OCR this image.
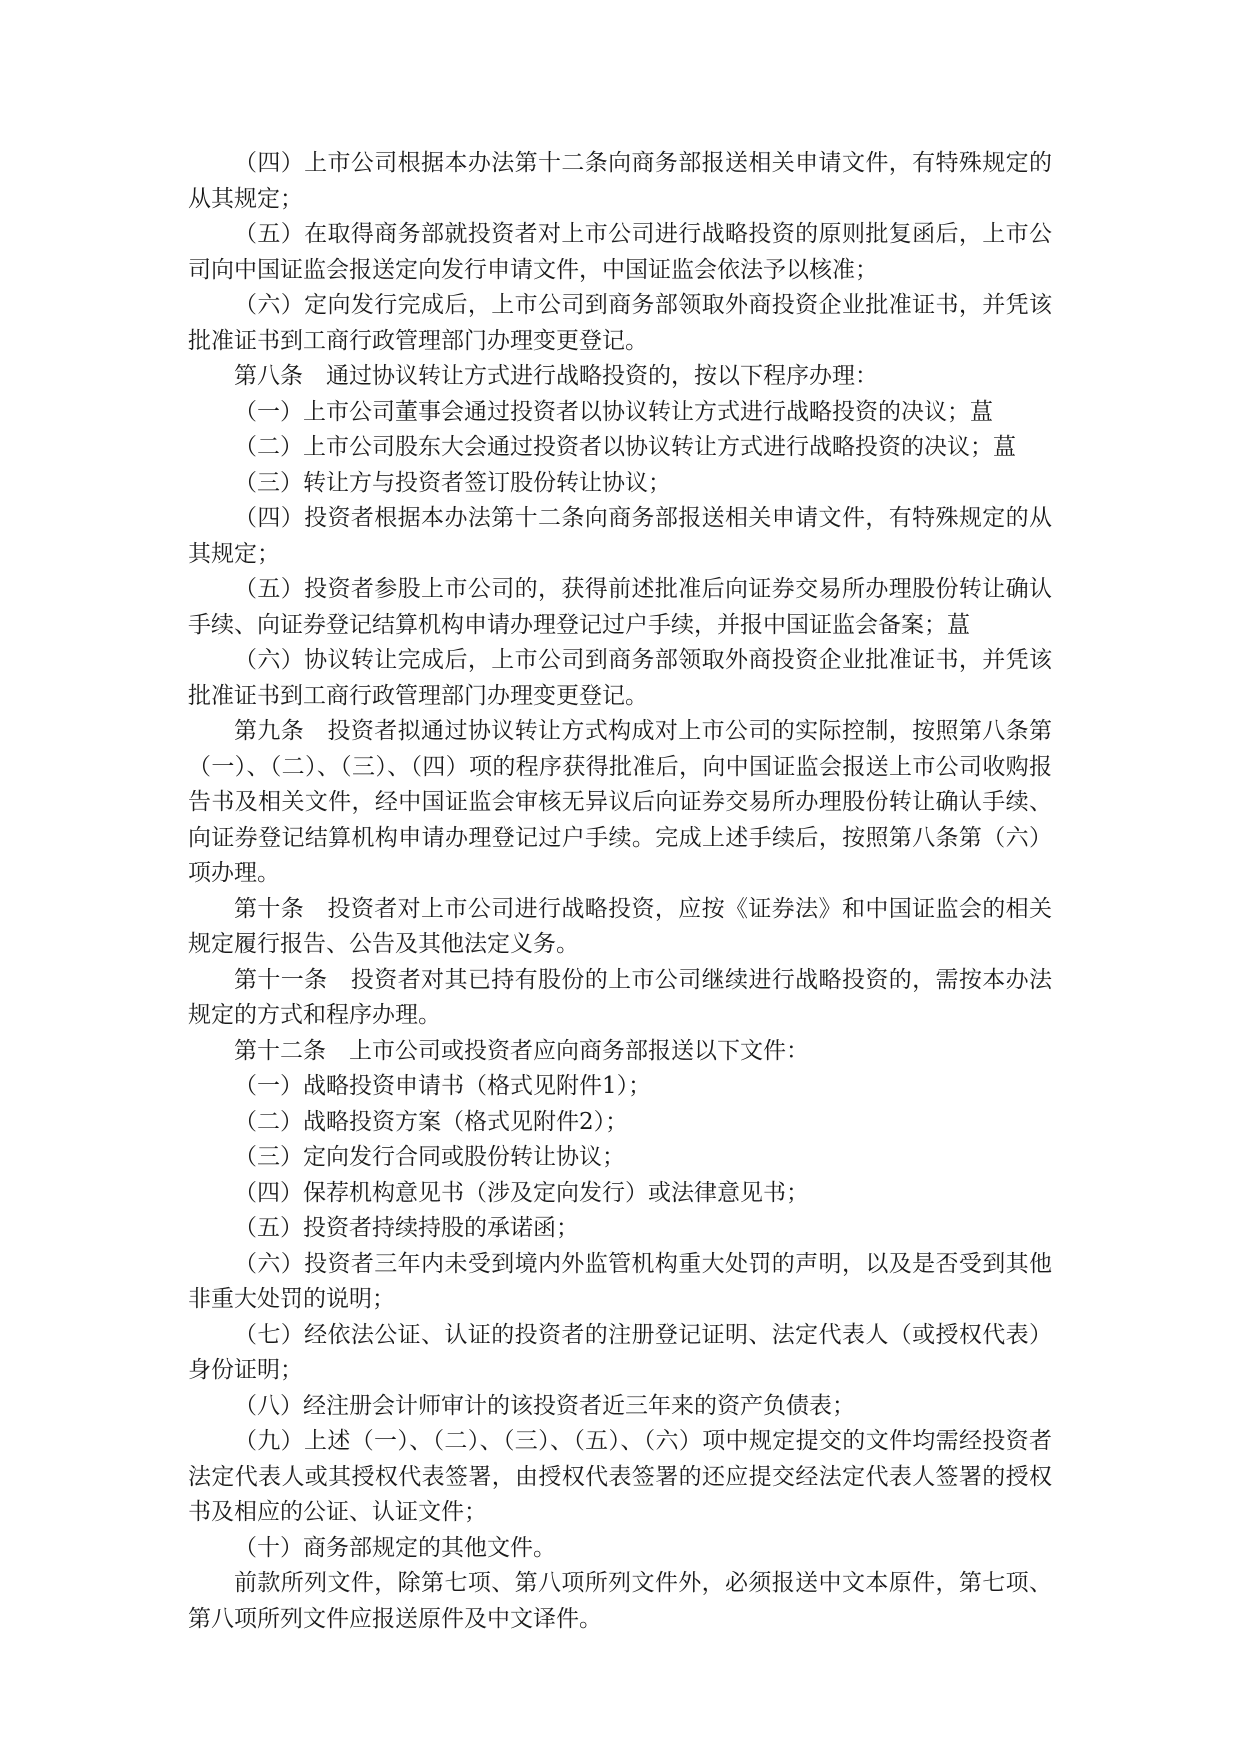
（四）上市公司根据本办法第十二条向商务部报送相关申请文件，有特殊规定的从其规定；

（五）在取得商务部就投资者对上市公司进行战略投资的原则批复函后，上市公司向中国证监会报送定向发行申请文件，中国证监会依法予以核准；

（六）定向发行完成后，上市公司到商务部领取外商投资企业批准证书，并凭该批准证书到工商行政管理部门办理变更登记。

第八条　通过协议转让方式进行战略投资的，按以下程序办理：

（一）上市公司董事会通过投资者以协议转让方式进行战略投资的决议；蒀

（二）上市公司股东大会通过投资者以协议转让方式进行战略投资的决议；蒀

（三）转让方与投资者签订股份转让协议；

（四）投资者根据本办法第十二条向商务部报送相关申请文件，有特殊规定的从其规定；

（五）投资者参股上市公司的，获得前述批准后向证券交易所办理股份转让确认手续、向证券登记结算机构申请办理登记过户手续，并报中国证监会备案；蒀

（六）协议转让完成后，上市公司到商务部领取外商投资企业批准证书，并凭该批准证书到工商行政管理部门办理变更登记。

第九条　投资者拟通过协议转让方式构成对上市公司的实际控制，按照第八条第（一）、（二）、（三）、（四）项的程序获得批准后，向中国证监会报送上市公司收购报告书及相关文件，经中国证监会审核无异议后向证券交易所办理股份转让确认手续、向证券登记结算机构申请办理登记过户手续。完成上述手续后，按照第八条第（六）项办理。

第十条　投资者对上市公司进行战略投资，应按《证券法》和中国证监会的相关规定履行报告、公告及其他法定义务。

第十一条　投资者对其已持有股份的上市公司继续进行战略投资的，需按本办法规定的方式和程序办理。

第十二条　上市公司或投资者应向商务部报送以下文件：

（一）战略投资申请书（格式见附件1）；

（二）战略投资方案（格式见附件2）；

（三）定向发行合同或股份转让协议；

（四）保荐机构意见书（涉及定向发行）或法律意见书；

（五）投资者持续持股的承诺函；

（六）投资者三年内未受到境内外监管机构重大处罚的声明，以及是否受到其他非重大处罚的说明；

（七）经依法公证、认证的投资者的注册登记证明、法定代表人（或授权代表）身份证明；

（八）经注册会计师审计的该投资者近三年来的资产负债表；

（九）上述（一）、（二）、（三）、（五）、（六）项中规定提交的文件均需经投资者法定代表人或其授权代表签署，由授权代表签署的还应提交经法定代表人签署的授权书及相应的公证、认证文件；

（十）商务部规定的其他文件。

前款所列文件，除第七项、第八项所列文件外，必须报送中文本原件，第七项、第八项所列文件应报送原件及中文译件。
